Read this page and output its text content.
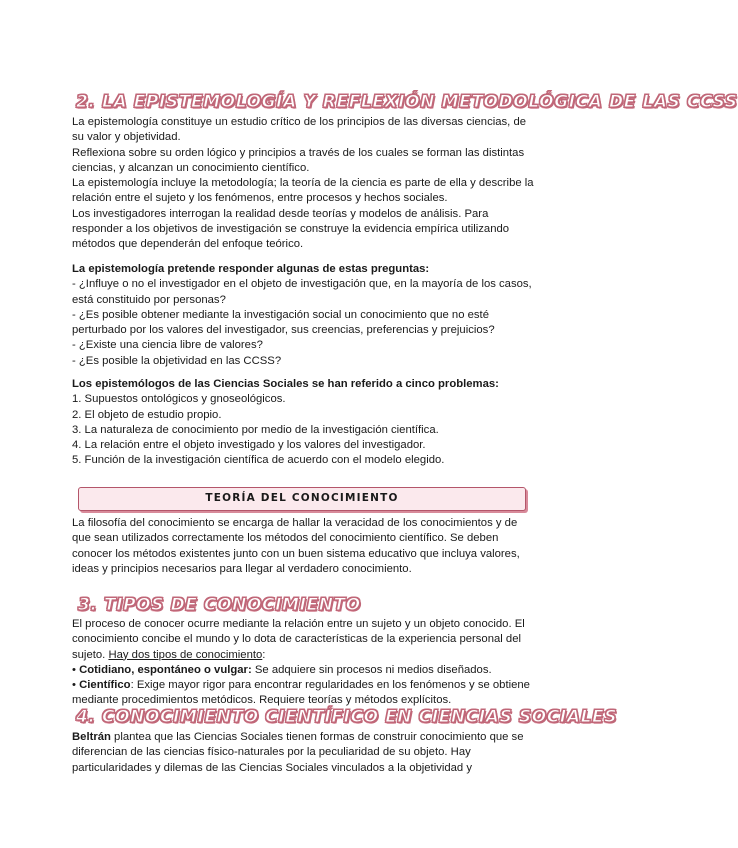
2. LA EPISTEMOLOGÍA Y REFLEXIÓN METODOLÓGICA DE LAS CCSS
La epistemología constituye un estudio crítico de los principios de las diversas ciencias, de
su valor y objetividad.
Reflexiona sobre su orden lógico y principios a través de los cuales se forman las distintas
ciencias, y alcanzan un conocimiento científico.
La epistemología incluye la metodología; la teoría de la ciencia es parte de ella y describe la
relación entre el sujeto y los fenómenos, entre procesos y hechos sociales.
Los investigadores interrogan la realidad desde teorías y modelos de análisis. Para
responder a los objetivos de investigación se construye la evidencia empírica utilizando
métodos que dependerán del enfoque teórico.
La epistemología pretende responder algunas de estas preguntas:
- ¿Influye o no el investigador en el objeto de investigación que, en la mayoría de los casos,
está constituido por personas?
- ¿Es posible obtener mediante la investigación social un conocimiento que no esté
perturbado por los valores del investigador, sus creencias, preferencias y prejuicios?
- ¿Existe una ciencia libre de valores?
- ¿Es posible la objetividad en las CCSS?
Los epistemólogos de las Ciencias Sociales se han referido a cinco problemas:
1. Supuestos ontológicos y gnoseológicos.
2. El objeto de estudio propio.
3. La naturaleza de conocimiento por medio de la investigación científica.
4. La relación entre el objeto investigado y los valores del investigador.
5. Función de la investigación científica de acuerdo con el modelo elegido.
TEORÍA DEL CONOCIMIENTO
La filosofía del conocimiento se encarga de hallar la veracidad de los conocimientos y de
que sean utilizados correctamente los métodos del conocimiento científico. Se deben
conocer los métodos existentes junto con un buen sistema educativo que incluya valores,
ideas y principios necesarios para llegar al verdadero conocimiento.
3. TIPOS DE CONOCIMIENTO
El proceso de conocer ocurre mediante la relación entre un sujeto y un objeto conocido. El
conocimiento concibe el mundo y lo dota de características de la experiencia personal del
sujeto. Hay dos tipos de conocimiento:
• Cotidiano, espontáneo o vulgar: Se adquiere sin procesos ni medios diseñados.
• Científico: Exige mayor rigor para encontrar regularidades en los fenómenos y se obtiene
mediante procedimientos metódicos. Requiere teorías y métodos explícitos.
4. CONOCIMIENTO CIENTÍFICO EN CIENCIAS SOCIALES
Beltrán plantea que las Ciencias Sociales tienen formas de construir conocimiento que se
diferencian de las ciencias físico-naturales por la peculiaridad de su objeto. Hay
particularidades y dilemas de las Ciencias Sociales vinculados a la objetividad y
